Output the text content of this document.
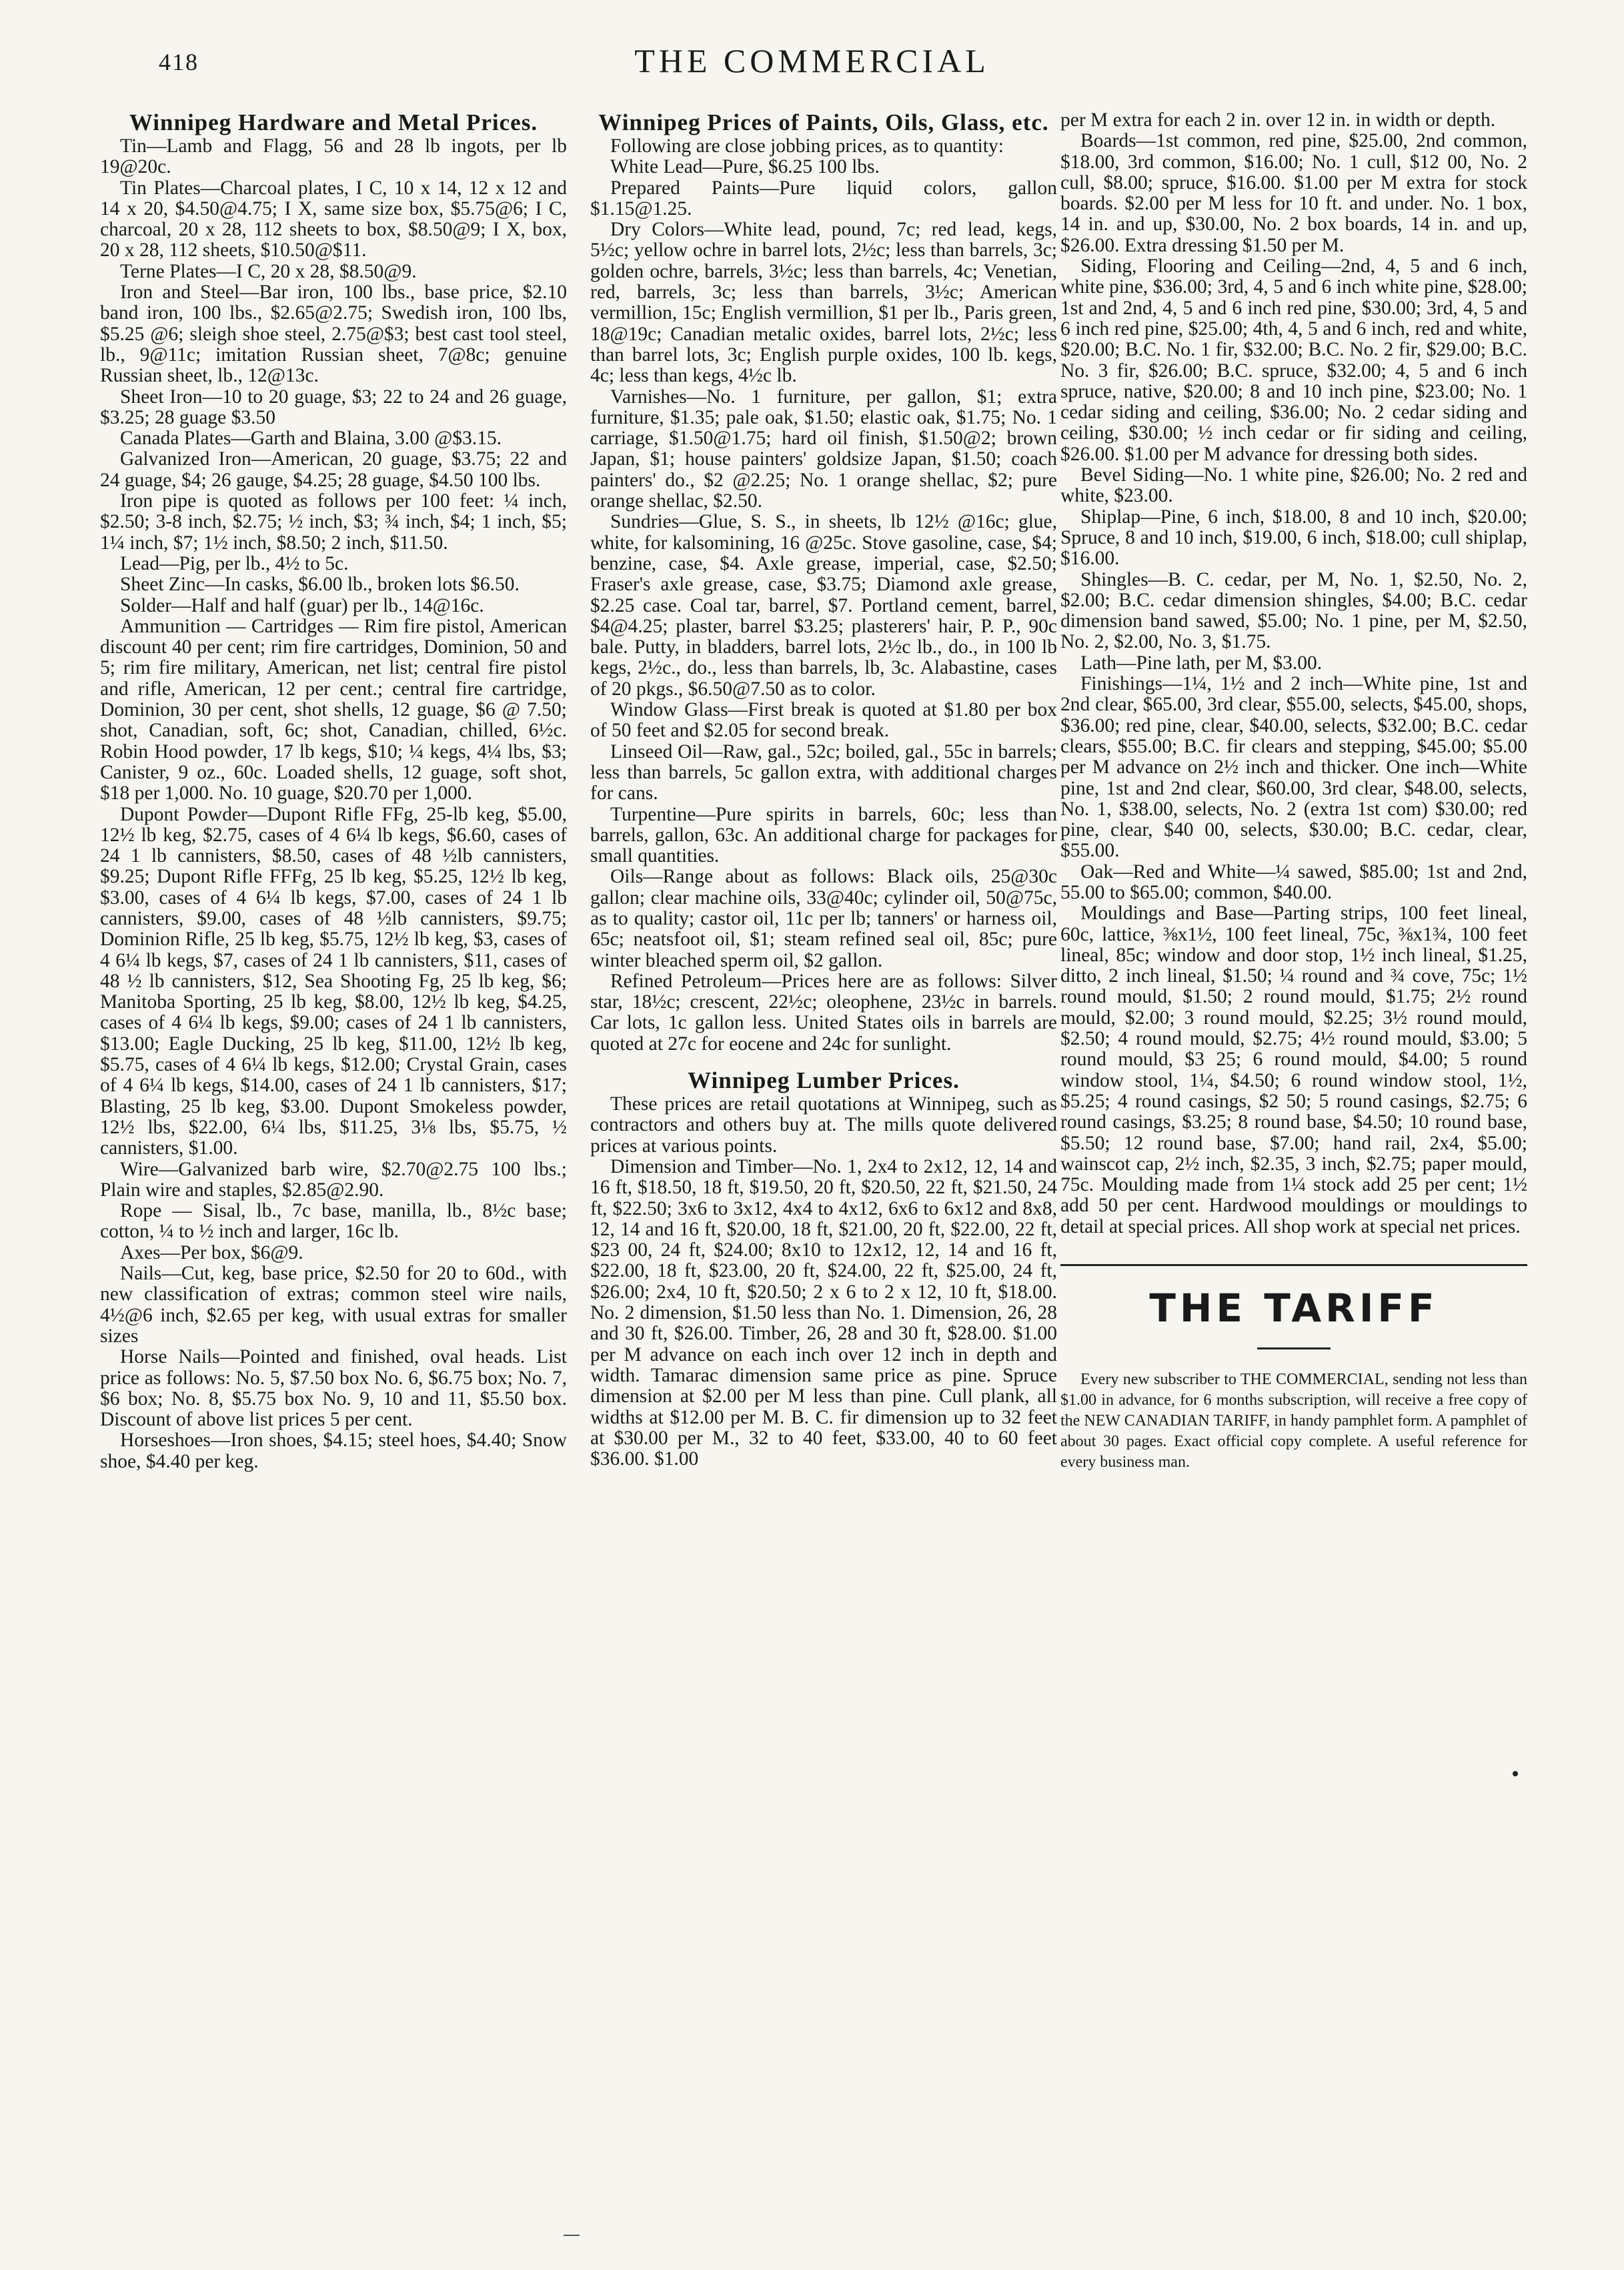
418	THE COMMERCIAL
Winnipeg Hardware and Metal Prices.

Tin—Lamb and Flagg, 56 and 28 lb ingots, per lb 19@20c.

Tin Plates—Charcoal plates, I C, 10 x 14, 12 x 12 and 14 x 20, $4.50@4.75; I X, same size box, $5.75@6; I C, charcoal, 20 x 28, 112 sheets to box, $8.50@9; I X, box, 20 x 28, 112 sheets, $10.50@$11.

Terne Plates—I C, 20 x 28, $8.50@9.

Iron and Steel—Bar iron, 100 lbs., base price, $2.10 band iron, 100 lbs., $2.65@2.75; Swedish iron, 100 lbs, $5.25 @6; sleigh shoe steel, 2.75@$3; best cast tool steel, lb., 9@11c; imitation Russian sheet, 7@8c; genuine Russian sheet, lb., 12@13c.

Sheet Iron—10 to 20 guage, $3; 22 to 24 and 26 guage, $3.25; 28 guage $3.50

Canada Plates—Garth and Blaina, 3.00 @$3.15.

Galvanized Iron—American, 20 guage, $3.75; 22 and 24 guage, $4; 26 gauge, $4.25; 28 guage, $4.50 100 lbs.

Iron pipe is quoted as follows per 100 feet: ¼ inch, $2.50; 3-8 inch, $2.75; ½ inch, $3; ¾ inch, $4; 1 inch, $5; 1¼ inch, $7; 1½ inch, $8.50; 2 inch, $11.50.

Lead—Pig, per lb., 4½ to 5c.

Sheet Zinc—In casks, $6.00 lb., broken lots $6.50.

Solder—Half and half (guar) per lb., 14@16c.

Ammunition — Cartridges — Rim fire pistol, American discount 40 per cent; rim fire cartridges, Dominion, 50 and 5; rim fire military, American, net list; central fire pistol and rifle, American, 12 per cent.; central fire cartridge, Dominion, 30 per cent, shot shells, 12 guage, $6 @ 7.50; shot, Canadian, soft, 6c; shot, Canadian, chilled, 6½c. Robin Hood powder, 17 lb kegs, $10; ¼ kegs, 4¼ lbs, $3; Canister, 9 oz., 60c. Loaded shells, 12 guage, soft shot, $18 per 1,000. No. 10 guage, $20.70 per 1,000.

Dupont Powder—Dupont Rifle FFg, 25-lb keg, $5.00, 12½ lb keg, $2.75, cases of 4 6¼ lb kegs, $6.60, cases of 24 1 lb cannisters, $8.50, cases of 48 ½lb cannisters, $9.25; Dupont Rifle FFFg, 25 lb keg, $5.25, 12½ lb keg, $3.00, cases of 4 6¼ lb kegs, $7.00, cases of 24 1 lb cannisters, $9.00, cases of 48 ½lb cannisters, $9.75; Dominion Rifle, 25 lb keg, $5.75, 12½ lb keg, $3, cases of 4 6¼ lb kegs, $7, cases of 24 1 lb cannisters, $11, cases of 48 ½ lb cannisters, $12, Sea Shooting Fg, 25 lb keg, $6; Manitoba Sporting, 25 lb keg, $8.00, 12½ lb keg, $4.25, cases of 4 6¼ lb kegs, $9.00; cases of 24 1 lb cannisters, $13.00; Eagle Ducking, 25 lb keg, $11.00, 12½ lb keg, $5.75, cases of 4 6¼ lb kegs, $12.00; Crystal Grain, cases of 4 6¼ lb kegs, $14.00, cases of 24 1 lb cannisters, $17; Blasting, 25 lb keg, $3.00. Dupont Smokeless powder, 12½ lbs, $22.00, 6¼ lbs, $11.25, 3⅛ lbs, $5.75, ½ cannisters, $1.00.

Wire—Galvanized barb wire, $2.70@2.75 100 lbs.; Plain wire and staples, $2.85@2.90.

Rope — Sisal, lb., 7c base, manilla, lb., 8½c base; cotton, ¼ to ½ inch and larger, 16c lb.

Axes—Per box, $6@9.

Nails—Cut, keg, base price, $2.50 for 20 to 60d., with new classification of extras; common steel wire nails, 4½@6 inch, $2.65 per keg, with usual extras for smaller sizes

Horse Nails—Pointed and finished, oval heads. List price as follows: No. 5, $7.50 box No. 6, $6.75 box; No. 7, $6 box; No. 8, $5.75 box No. 9, 10 and 11, $5.50 box. Discount of above list prices 5 per cent.

Horseshoes—Iron shoes, $4.15; steel hoes, $4.40; Snow shoe, $4.40 per keg.

Winnipeg Prices of Paints, Oils, Glass, etc.

Following are close jobbing prices, as to quantity:

White Lead—Pure, $6.25 100 lbs.

Prepared Paints—Pure liquid colors, gallon $1.15@1.25.

Dry Colors—White lead, pound, 7c; red lead, kegs, 5½c; yellow ochre in barrel lots, 2½c; less than barrels, 3c; golden ochre, barrels, 3½c; less than barrels, 4c; Venetian, red, barrels, 3c; less than barrels, 3½c; American vermillion, 15c; English vermillion, $1 per lb., Paris green, 18@19c; Canadian metalic oxides, barrel lots, 2½c; less than barrel lots, 3c; English purple oxides, 100 lb. kegs, 4c; less than kegs, 4½c lb.

Varnishes—No. 1 furniture, per gallon, $1; extra furniture, $1.35; pale oak, $1.50; elastic oak, $1.75; No. 1 carriage, $1.50@1.75; hard oil finish, $1.50@2; brown Japan, $1; house painters' goldsize Japan, $1.50; coach painters' do., $2 @2.25; No. 1 orange shellac, $2; pure orange shellac, $2.50.

Sundries—Glue, S. S., in sheets, lb 12½ @16c; glue, white, for kalsomining, 16 @25c. Stove gasoline, case, $4; benzine, case, $4. Axle grease, imperial, case, $2.50; Fraser's axle grease, case, $3.75; Diamond axle grease, $2.25 case. Coal tar, barrel, $7. Portland cement, barrel, $4@4.25; plaster, barrel $3.25; plasterers' hair, P. P., 90c bale. Putty, in bladders, barrel lots, 2½c lb., do., in 100 lb kegs, 2½c., do., less than barrels, lb, 3c. Alabastine, cases of 20 pkgs., $6.50@7.50 as to color.

Window Glass—First break is quoted at $1.80 per box of 50 feet and $2.05 for second break.

Linseed Oil—Raw, gal., 52c; boiled, gal., 55c in barrels; less than barrels, 5c gallon extra, with additional charges for cans.

Turpentine—Pure spirits in barrels, 60c; less than barrels, gallon, 63c. An additional charge for packages for small quantities.

Oils—Range about as follows: Black oils, 25@30c gallon; clear machine oils, 33@40c; cylinder oil, 50@75c, as to quality; castor oil, 11c per lb; tanners' or harness oil, 65c; neatsfoot oil, $1; steam refined seal oil, 85c; pure winter bleached sperm oil, $2 gallon.

Refined Petroleum—Prices here are as follows: Silver star, 18½c; crescent, 22½c; oleophene, 23½c in barrels. Car lots, 1c gallon less. United States oils in barrels are quoted at 27c for eocene and 24c for sunlight.

Winnipeg Lumber Prices.

These prices are retail quotations at Winnipeg, such as contractors and others buy at. The mills quote delivered prices at various points.

Dimension and Timber—No. 1, 2x4 to 2x12, 12, 14 and 16 ft, $18.50, 18 ft, $19.50, 20 ft, $20.50, 22 ft, $21.50, 24 ft, $22.50; 3x6 to 3x12, 4x4 to 4x12, 6x6 to 6x12 and 8x8, 12, 14 and 16 ft, $20.00, 18 ft, $21.00, 20 ft, $22.00, 22 ft, $23 00, 24 ft, $24.00; 8x10 to 12x12, 12, 14 and 16 ft, $22.00, 18 ft, $23.00, 20 ft, $24.00, 22 ft, $25.00, 24 ft, $26.00; 2x4, 10 ft, $20.50; 2 x 6 to 2 x 12, 10 ft, $18.00. No. 2 dimension, $1.50 less than No. 1. Dimension, 26, 28 and 30 ft, $26.00. Timber, 26, 28 and 30 ft, $28.00. $1.00 per M advance on each inch over 12 inch in depth and width. Tamarac dimension same price as pine. Spruce dimension at $2.00 per M less than pine. Cull plank, all widths at $12.00 per M. B. C. fir dimension up to 32 feet at $30.00 per M., 32 to 40 feet, $33.00, 40 to 60 feet $36.00. $1.00

per M extra for each 2 in. over 12 in. in width or depth.

Boards—1st common, red pine, $25.00, 2nd common, $18.00, 3rd common, $16.00; No. 1 cull, $12 00, No. 2 cull, $8.00; spruce, $16.00. $1.00 per M extra for stock boards. $2.00 per M less for 10 ft. and under. No. 1 box, 14 in. and up, $30.00, No. 2 box boards, 14 in. and up, $26.00. Extra dressing $1.50 per M.

Siding, Flooring and Ceiling—2nd, 4, 5 and 6 inch, white pine, $36.00; 3rd, 4, 5 and 6 inch white pine, $28.00; 1st and 2nd, 4, 5 and 6 inch red pine, $30.00; 3rd, 4, 5 and 6 inch red pine, $25.00; 4th, 4, 5 and 6 inch, red and white, $20.00; B.C. No. 1 fir, $32.00; B.C. No. 2 fir, $29.00; B.C. No. 3 fir, $26.00; B.C. spruce, $32.00; 4, 5 and 6 inch spruce, native, $20.00; 8 and 10 inch pine, $23.00; No. 1 cedar siding and ceiling, $36.00; No. 2 cedar siding and ceiling, $30.00; ½ inch cedar or fir siding and ceiling, $26.00. $1.00 per M advance for dressing both sides.

Bevel Siding—No. 1 white pine, $26.00; No. 2 red and white, $23.00.

Shiplap—Pine, 6 inch, $18.00, 8 and 10 inch, $20.00; Spruce, 8 and 10 inch, $19.00, 6 inch, $18.00; cull shiplap, $16.00.

Shingles—B. C. cedar, per M, No. 1, $2.50, No. 2, $2.00; B.C. cedar dimension shingles, $4.00; B.C. cedar dimension band sawed, $5.00; No. 1 pine, per M, $2.50, No. 2, $2.00, No. 3, $1.75.

Lath—Pine lath, per M, $3.00.

Finishings—1¼, 1½ and 2 inch—White pine, 1st and 2nd clear, $65.00, 3rd clear, $55.00, selects, $45.00, shops, $36.00; red pine, clear, $40.00, selects, $32.00; B.C. cedar clears, $55.00; B.C. fir clears and stepping, $45.00; $5.00 per M advance on 2½ inch and thicker. One inch—White pine, 1st and 2nd clear, $60.00, 3rd clear, $48.00, selects, No. 1, $38.00, selects, No. 2 (extra 1st com) $30.00; red pine, clear, $40 00, selects, $30.00; B.C. cedar, clear, $55.00.

Oak—Red and White—¼ sawed, $85.00; 1st and 2nd, 55.00 to $65.00; common, $40.00.

Mouldings and Base—Parting strips, 100 feet lineal, 60c, lattice, ⅜x1½, 100 feet lineal, 75c, ⅜x1¾, 100 feet lineal, 85c; window and door stop, 1½ inch lineal, $1.25, ditto, 2 inch lineal, $1.50; ¼ round and ¾ cove, 75c; 1½ round mould, $1.50; 2 round mould, $1.75; 2½ round mould, $2.00; 3 round mould, $2.25; 3½ round mould, $2.50; 4 round mould, $2.75; 4½ round mould, $3.00; 5 round mould, $3 25; 6 round mould, $4.00; 5 round window stool, 1¼, $4.50; 6 round window stool, 1½, $5.25; 4 round casings, $2 50; 5 round casings, $2.75; 6 round casings, $3.25; 8 round base, $4.50; 10 round base, $5.50; 12 round base, $7.00; hand rail, 2x4, $5.00; wainscot cap, 2½ inch, $2.35, 3 inch, $2.75; paper mould, 75c. Moulding made from 1¼ stock add 25 per cent; 1½ add 50 per cent. Hardwood mouldings or mouldings to detail at special prices. All shop work at special net prices.

THE TARIFF

Every new subscriber to THE COMMERCIAL, sending not less than $1.00 in advance, for 6 months subscription, will receive a free copy of the NEW CANADIAN TARIFF, in handy pamphlet form. A pamphlet of about 30 pages. Exact official copy complete. A useful reference for every business man.
